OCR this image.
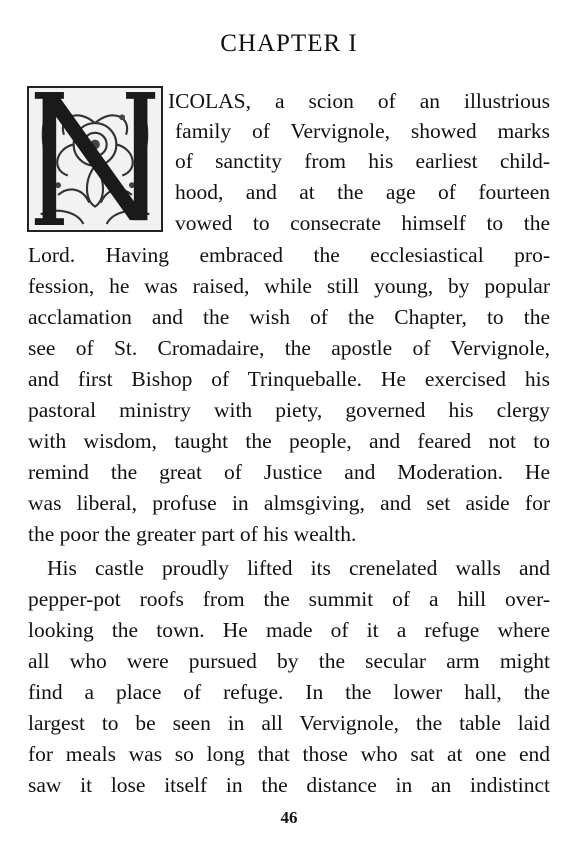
CHAPTER I
ICOLAS, a scion of an illustrious
family of Vervignole, showed marks
of sanctity from his earliest child-
hood, and at the age of fourteen
vowed to consecrate himself to the
Lord. Having embraced the ecclesiastical pro-
fession, he was raised, while still young, by popular
acclamation and the wish of the Chapter, to the
see of St. Cromadaire, the apostle of Vervignole,
and first Bishop of Trinqueballe. He exercised his
pastoral ministry with piety, governed his clergy
with wisdom, taught the people, and feared not to
remind the great of Justice and Moderation. He
was liberal, profuse in almsgiving, and set aside for
the poor the greater part of his wealth.
His castle proudly lifted its crenelated walls and
pepper-pot roofs from the summit of a hill over-
looking the town. He made of it a refuge where
all who were pursued by the secular arm might
find a place of refuge. In the lower hall, the
largest to be seen in all Vervignole, the table laid
for meals was so long that those who sat at one end
saw it lose itself in the distance in an indistinct
46
